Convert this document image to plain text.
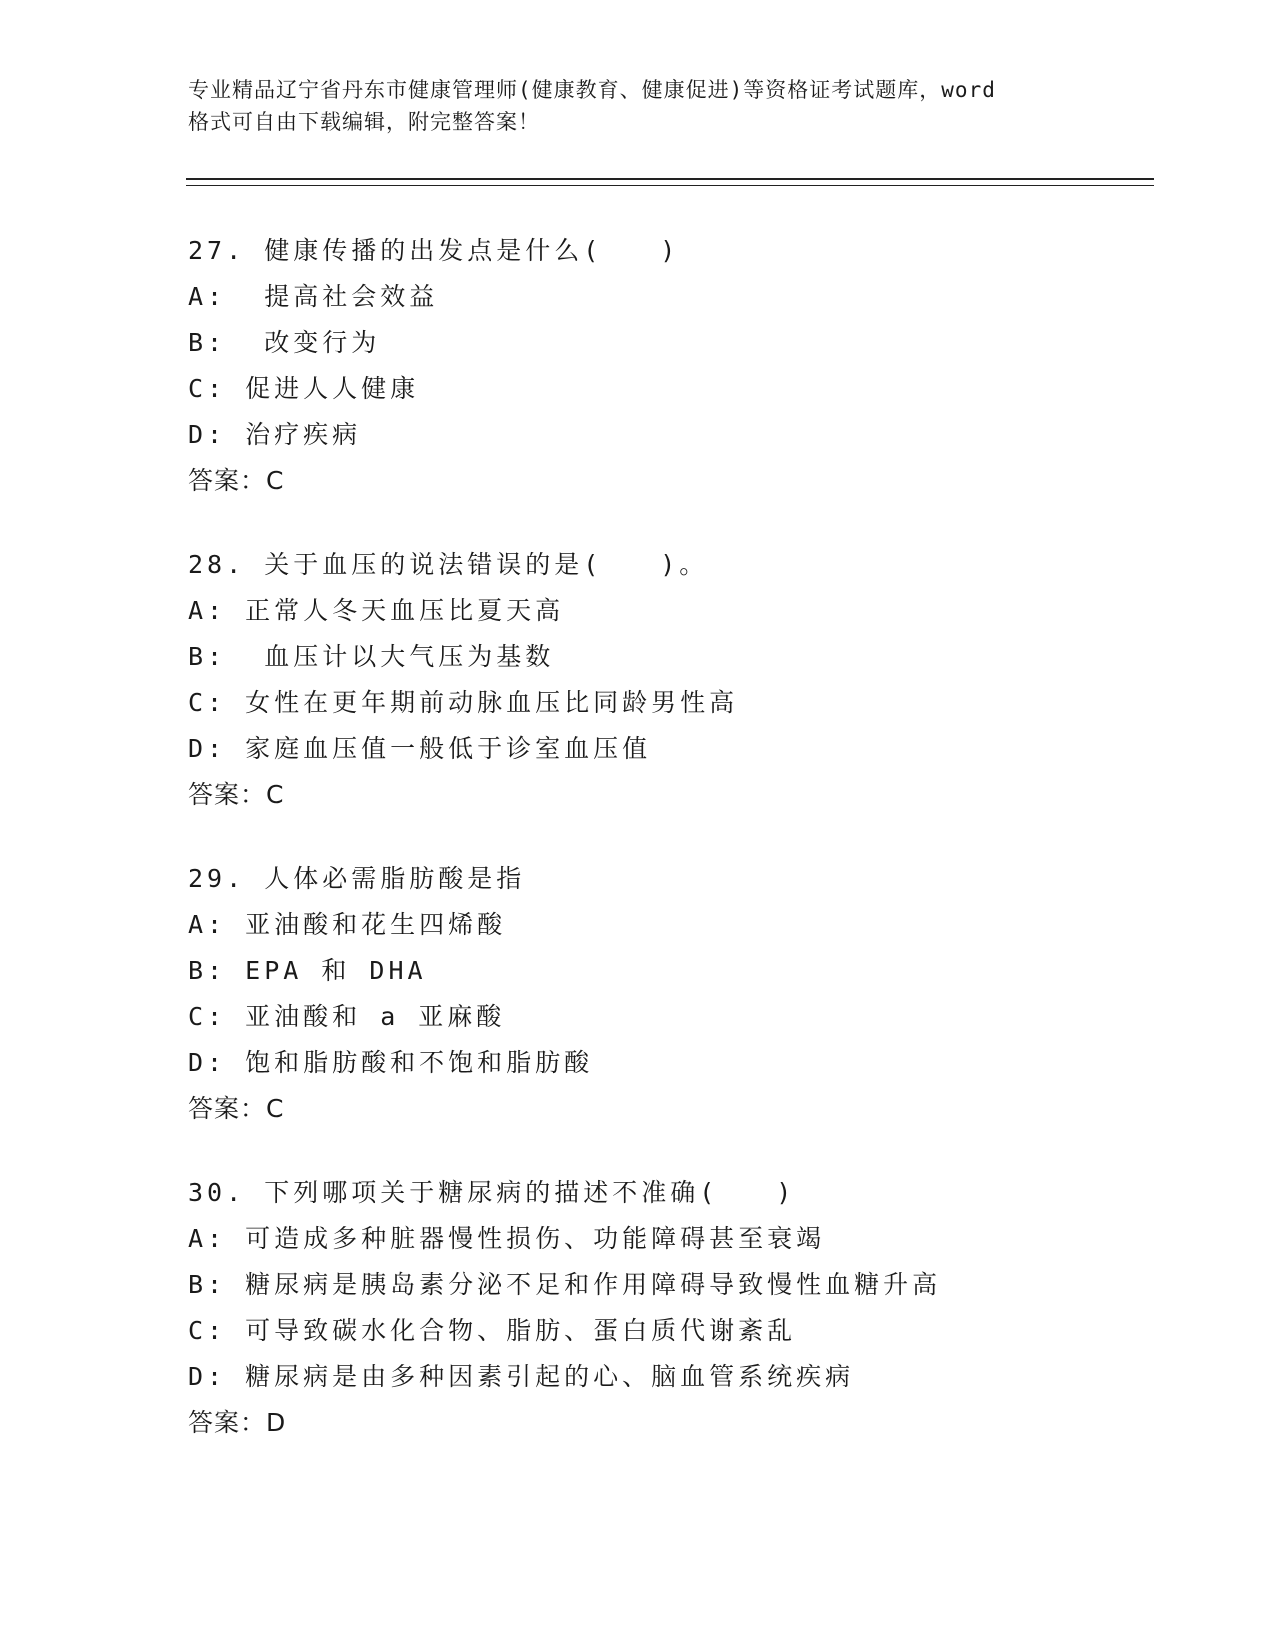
专业精品辽宁省丹东市健康管理师(健康教育、健康促进)等资格证考试题库，word
格式可自由下载编辑，附完整答案！
27. 健康传播的出发点是什么(　　)
A:  提高社会效益
B:  改变行为
C: 促进人人健康
D: 治疗疾病
答案：C
28. 关于血压的说法错误的是(　　)。
A: 正常人冬天血压比夏天高
B:  血压计以大气压为基数
C: 女性在更年期前动脉血压比同龄男性高
D: 家庭血压值一般低于诊室血压值
答案：C
29. 人体必需脂肪酸是指
A: 亚油酸和花生四烯酸
B: EPA 和 DHA
C: 亚油酸和 a 亚麻酸
D: 饱和脂肪酸和不饱和脂肪酸
答案：C
30. 下列哪项关于糖尿病的描述不准确(　　)
A: 可造成多种脏器慢性损伤、功能障碍甚至衰竭
B: 糖尿病是胰岛素分泌不足和作用障碍导致慢性血糖升高
C: 可导致碳水化合物、脂肪、蛋白质代谢紊乱
D: 糖尿病是由多种因素引起的心、脑血管系统疾病
答案：D
